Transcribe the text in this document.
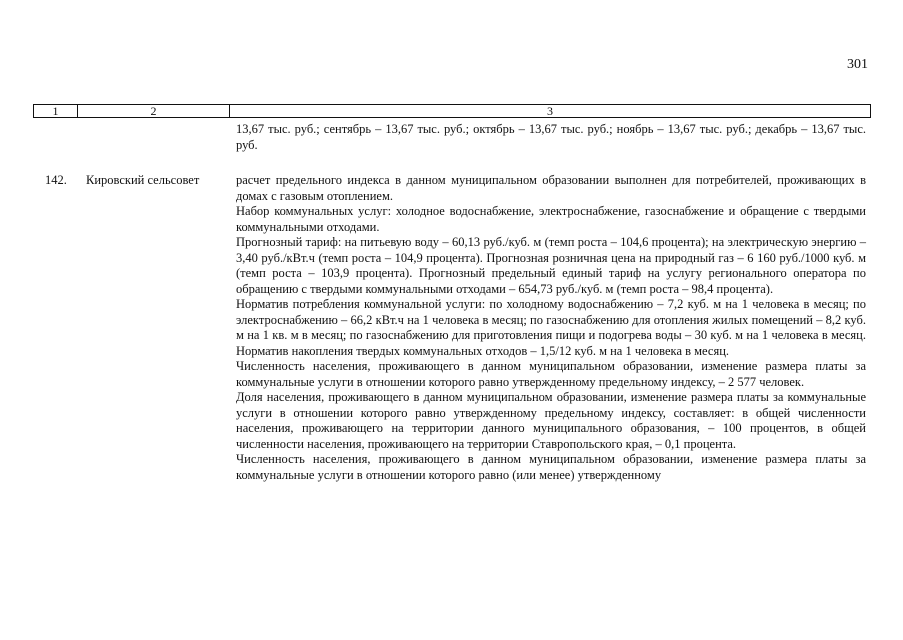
301
1	2	3

13,67 тыс. руб.; сентябрь – 13,67 тыс. руб.; октябрь – 13,67 тыс. руб.; ноябрь – 13,67 тыс. руб.; декабрь – 13,67 тыс. руб.

142. Кировский сельсовет	расчет предельного индекса в данном муниципальном образовании выполнен для потребителей, проживающих в домах с газовым отоплением.

Набор коммунальных услуг: холодное водоснабжение, электроснабжение, газоснабжение и обращение с твердыми коммунальными отходами.

Прогнозный тариф: на питьевую воду – 60,13 руб./куб. м (темп роста – 104,6 процента); на электрическую энергию – 3,40 руб./кВт.ч (темп роста – 104,9 процента). Прогнозная розничная цена на природный газ – 6 160 руб./1000 куб. м (темп роста – 103,9 процента). Прогнозный предельный единый тариф на услугу регионального оператора по обращению с твердыми коммунальными отходами – 654,73 руб./куб. м (темп роста – 98,4 процента).

Норматив потребления коммунальной услуги: по холодному водоснабжению – 7,2 куб. м на 1 человека в месяц; по электроснабжению – 66,2 кВт.ч на 1 человека в месяц; по газоснабжению для отопления жилых помещений – 8,2 куб. м на 1 кв. м в месяц; по газоснабжению для приготовления пищи и подогрева воды – 30 куб. м на 1 человека в месяц. Норматив накопления твердых коммунальных отходов – 1,5/12 куб. м на 1 человека в месяц.

Численность населения, проживающего в данном муниципальном образовании, изменение размера платы за коммунальные услуги в отношении которого равно утвержденному предельному индексу, – 2 577 человек.

Доля населения, проживающего в данном муниципальном образовании, изменение размера платы за коммунальные услуги в отношении которого равно утвержденному предельному индексу, составляет: в общей численности населения, проживающего на территории данного муниципального образования, – 100 процентов, в общей численности населения, проживающего на территории Ставропольского края, – 0,1 процента.

Численность населения, проживающего в данном муниципальном образовании, изменение размера платы за коммунальные услуги в отношении которого равно (или менее) утвержденному
